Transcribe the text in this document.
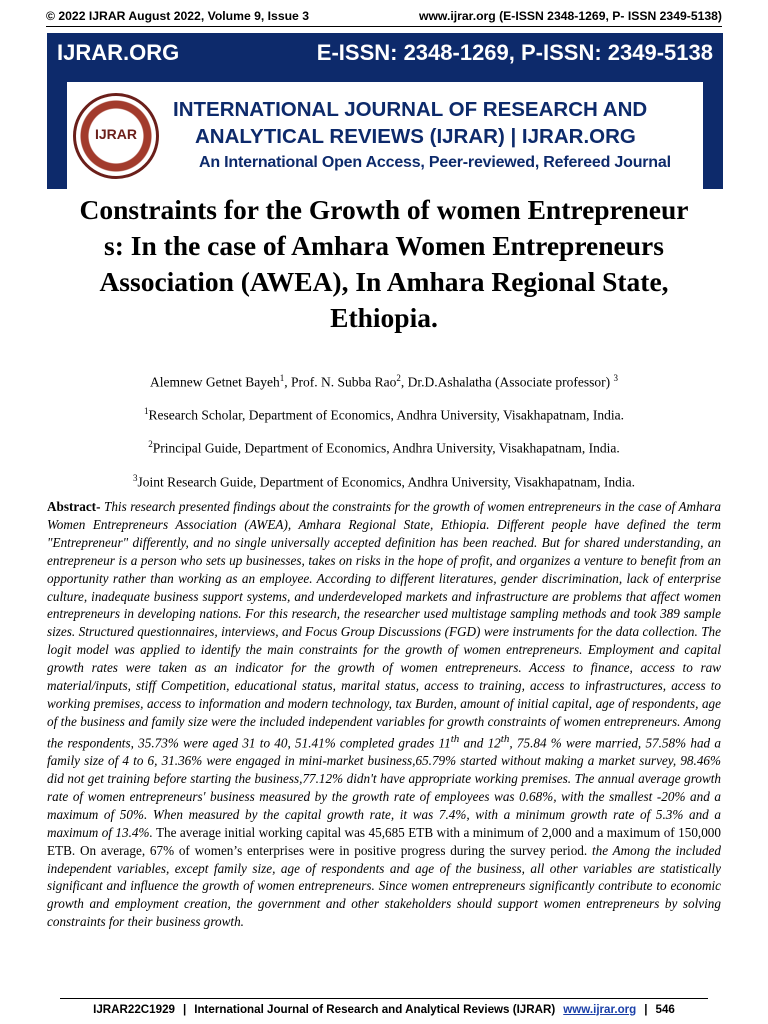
© 2022 IJRAR August 2022, Volume 9, Issue 3	www.ijrar.org (E-ISSN 2348-1269, P- ISSN 2349-5138)
IJRAR.ORG	E-ISSN: 2348-1269, P-ISSN: 2349-5138
IJRAR
INTERNATIONAL JOURNAL OF RESEARCH AND
ANALYTICAL REVIEWS (IJRAR) | IJRAR.ORG
An International Open Access, Peer-reviewed, Refereed Journal
Constraints for the Growth of women Entrepreneur
s: In the case of Amhara Women Entrepreneurs
Association (AWEA), In Amhara Regional State,
Ethiopia.
Alemnew Getnet Bayeh$^1$, Prof. N. Subba Rao$^2$, Dr.D.Ashalatha (Associate professor) $^3$
$^1$Research Scholar, Department of Economics, Andhra University, Visakhapatnam, India.
$^2$Principal Guide, Department of Economics, Andhra University, Visakhapatnam, India.
$^3$Joint Research Guide, Department of Economics, Andhra University, Visakhapatnam, India.
Abstract- This research presented findings about the constraints for the growth of women entrepreneurs in the case of Amhara Women Entrepreneurs Association (AWEA), Amhara Regional State, Ethiopia. Different people have defined the term "Entrepreneur" differently, and no single universally accepted definition has been reached. But for shared understanding, an entrepreneur is a person who sets up businesses, takes on risks in the hope of profit, and organizes a venture to benefit from an opportunity rather than working as an employee. According to different literatures, gender discrimination, lack of enterprise culture, inadequate business support systems, and underdeveloped markets and infrastructure are problems that affect women entrepreneurs in developing nations. For this research, the researcher used multistage sampling methods and took 389 sample sizes. Structured questionnaires, interviews, and Focus Group Discussions (FGD) were instruments for the data collection. The logit model was applied to identify the main constraints for the growth of women entrepreneurs. Employment and capital growth rates were taken as an indicator for the growth of women entrepreneurs. Access to finance, access to raw material/inputs, stiff Competition, educational status, marital status, access to training, access to infrastructures, access to working premises, access to information and modern technology, tax Burden, amount of initial capital, age of respondents, age of the business and family size were the included independent variables for growth constraints of women entrepreneurs. Among the respondents, 35.73% were aged 31 to 40, 51.41% completed grades 11th and 12th, 75.84 % were married, 57.58% had a family size of 4 to 6, 31.36% were engaged in mini-market business,65.79% started without making a market survey, 98.46% did not get training before starting the business,77.12% didn't have appropriate working premises. The annual average growth rate of women entrepreneurs' business measured by the growth rate of employees was 0.68%, with the smallest -20% and a maximum of 50%. When measured by the capital growth rate, it was 7.4%, with a minimum growth rate of 5.3% and a maximum of 13.4%. The average initial working capital was 45,685 ETB with a minimum of 2,000 and a maximum of 150,000 ETB. On average, 67% of women’s enterprises were in positive progress during the survey period. the Among the included independent variables, except family size, age of respondents and age of the business, all other variables are statistically significant and influence the growth of women entrepreneurs. Since women entrepreneurs significantly contribute to economic growth and employment creation, the government and other stakeholders should support women entrepreneurs by solving constraints for their business growth.
IJRAR22C1929 | International Journal of Research and Analytical Reviews (IJRAR) www.ijrar.org | 546
